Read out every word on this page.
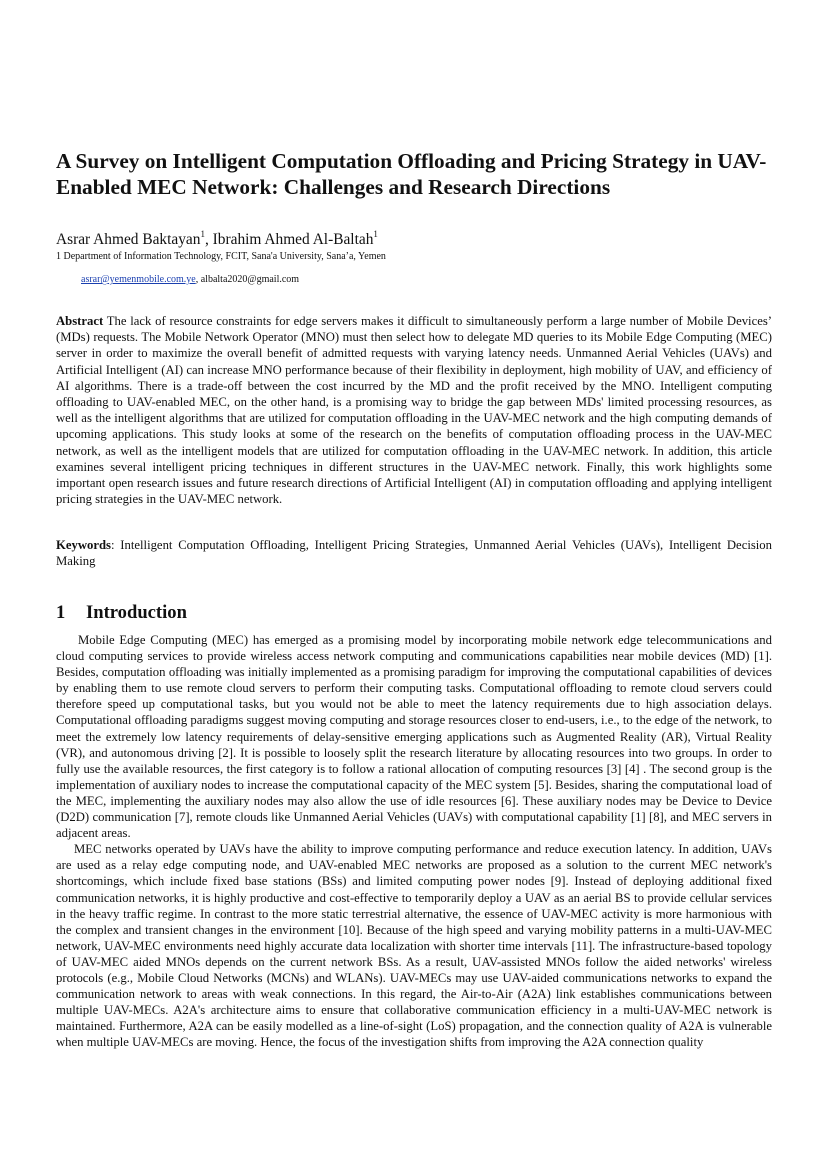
A Survey on Intelligent Computation Offloading and Pricing Strategy in UAV-Enabled MEC Network: Challenges and Research Directions
Asrar Ahmed Baktayan$^1$, Ibrahim Ahmed Al-Baltah$^1$
1 Department of Information Technology, FCIT, Sana'a University, Sana’a, Yemen
asrar@yemenmobile.com.ye, albalta2020@gmail.com
Abstract The lack of resource constraints for edge servers makes it difficult to simultaneously perform a large number of Mobile Devices’ (MDs) requests. The Mobile Network Operator (MNO) must then select how to delegate MD queries to its Mobile Edge Computing (MEC) server in order to maximize the overall benefit of admitted requests with varying latency needs. Unmanned Aerial Vehicles (UAVs) and Artificial Intelligent (AI) can increase MNO performance because of their flexibility in deployment, high mobility of UAV, and efficiency of AI algorithms. There is a trade-off between the cost incurred by the MD and the profit received by the MNO. Intelligent computing offloading to UAV-enabled MEC, on the other hand, is a promising way to bridge the gap between MDs' limited processing resources, as well as the intelligent algorithms that are utilized for computation offloading in the UAV-MEC network and the high computing demands of upcoming applications. This study looks at some of the research on the benefits of computation offloading process in the UAV-MEC network, as well as the intelligent models that are utilized for computation offloading in the UAV-MEC network. In addition, this article examines several intelligent pricing techniques in different structures in the UAV-MEC network. Finally, this work highlights some important open research issues and future research directions of Artificial Intelligent (AI) in computation offloading and applying intelligent pricing strategies in the UAV-MEC network.
Keywords: Intelligent Computation Offloading, Intelligent Pricing Strategies, Unmanned Aerial Vehicles (UAVs), Intelligent Decision Making
1 Introduction

Mobile Edge Computing (MEC) has emerged as a promising model by incorporating mobile network edge telecommunications and cloud computing services to provide wireless access network computing and communications capabilities near mobile devices (MD) [1]. Besides, computation offloading was initially implemented as a promising paradigm for improving the computational capabilities of devices by enabling them to use remote cloud servers to perform their computing tasks. Computational offloading to remote cloud servers could therefore speed up computational tasks, but you would not be able to meet the latency requirements due to high association delays. Computational offloading paradigms suggest moving computing and storage resources closer to end-users, i.e., to the edge of the network, to meet the extremely low latency requirements of delay-sensitive emerging applications such as Augmented Reality (AR), Virtual Reality (VR), and autonomous driving [2]. It is possible to loosely split the research literature by allocating resources into two groups. In order to fully use the available resources, the first category is to follow a rational allocation of computing resources [3] [4] . The second group is the implementation of auxiliary nodes to increase the computational capacity of the MEC system [5]. Besides, sharing the computational load of the MEC, implementing the auxiliary nodes may also allow the use of idle resources [6]. These auxiliary nodes may be Device to Device (D2D) communication [7], remote clouds like Unmanned Aerial Vehicles (UAVs) with computational capability [1] [8], and MEC servers in adjacent areas.

MEC networks operated by UAVs have the ability to improve computing performance and reduce execution latency. In addition, UAVs are used as a relay edge computing node, and UAV-enabled MEC networks are proposed as a solution to the current MEC network's shortcomings, which include fixed base stations (BSs) and limited computing power nodes [9]. Instead of deploying additional fixed communication networks, it is highly productive and cost-effective to temporarily deploy a UAV as an aerial BS to provide cellular services in the heavy traffic regime. In contrast to the more static terrestrial alternative, the essence of UAV-MEC activity is more harmonious with the complex and transient changes in the environment [10]. Because of the high speed and varying mobility patterns in a multi-UAV-MEC network, UAV-MEC environments need highly accurate data localization with shorter time intervals [11]. The infrastructure-based topology of UAV-MEC aided MNOs depends on the current network BSs. As a result, UAV-assisted MNOs follow the aided networks' wireless protocols (e.g., Mobile Cloud Networks (MCNs) and WLANs). UAV-MECs may use UAV-aided communications networks to expand the communication network to areas with weak connections. In this regard, the Air-to-Air (A2A) link establishes communications between multiple UAV-MECs. A2A's architecture aims to ensure that collaborative communication efficiency in a multi-UAV-MEC network is maintained. Furthermore, A2A can be easily modelled as a line-of-sight (LoS) propagation, and the connection quality of A2A is vulnerable when multiple UAV-MECs are moving. Hence, the focus of the investigation shifts from improving the A2A connection quality
